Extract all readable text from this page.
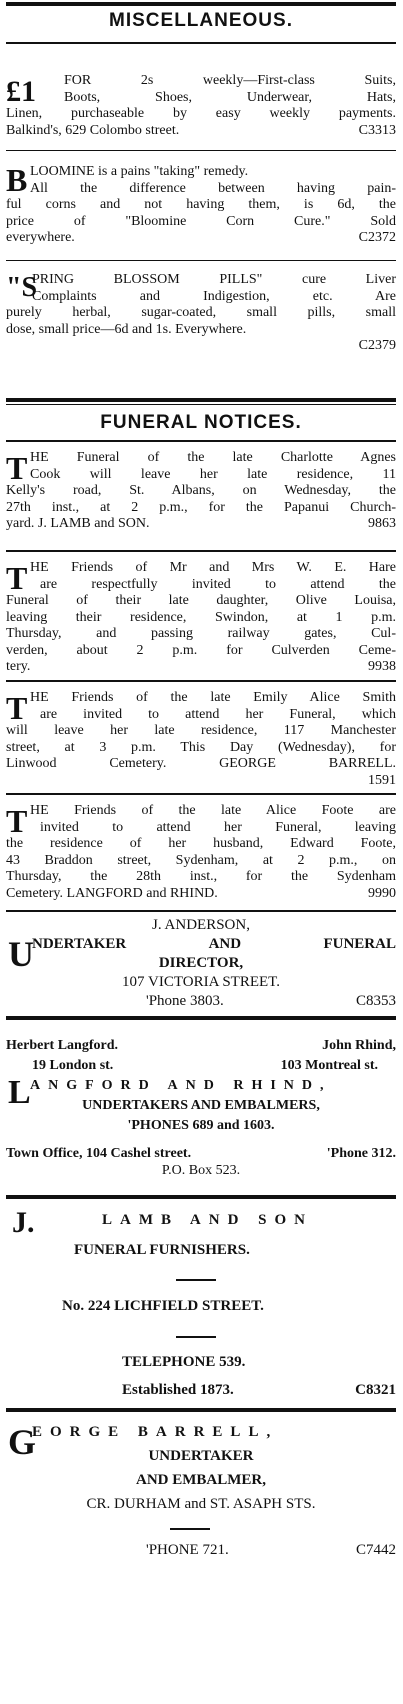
MISCELLANEOUS.
£1	FOR 2s weekly—First-class Suits,
Boots, Shoes, Underwear, Hats,
Linen, purchaseable by easy weekly payments.
Balkind's, 629 Colombo street.	C3313
B LOOMINE is a pains "taking" remedy.
All the difference between having pain-
ful corns and not having them, is 6d, the
price of "Bloomine Corn Cure." Sold
everywhere.	C2372
"S
PRING BLOSSOM PILLS" cure Liver
Complaints and Indigestion, etc. Are
purely herbal, sugar-coated, small pills, small
dose, small price—6d and 1s. Everywhere.
C2379
FUNERAL NOTICES.
T HE Funeral of the late Charlotte Agnes
Cook will leave her late residence, 11
Kelly's road, St. Albans, on Wednesday, the
27th inst., at 2 p.m., for the Papanui Church-
yard. J. LAMB and SON.	9863
T HE Friends of Mr and Mrs W. E. Hare
are respectfully invited to attend the
Funeral of their late daughter, Olive Louisa,
leaving their residence, Swindon, at 1 p.m.
Thursday, and passing railway gates, Cul-
verden, about 2 p.m. for Culverden Ceme-
tery.	9938
T HE Friends of the late Emily Alice Smith
are invited to attend her Funeral, which
will leave her late residence, 117 Manchester
street, at 3 p.m. This Day (Wednesday), for
Linwood Cemetery. GEORGE BARRELL.
1591
T HE Friends of the late Alice Foote are
invited to attend her Funeral, leaving
the residence of her husband, Edward Foote,
43 Braddon street, Sydenham, at 2 p.m., on
Thursday, the 28th inst., for the Sydenham
Cemetery. LANGFORD and RHIND.	9990
J. ANDERSON,
U
NDERTAKER	AND	FUNERAL
DIRECTOR,
107 VICTORIA STREET.
'Phone 3803.	C8353
Herbert Langford.	John Rhind,
19 London st.	103 Montreal st.
L ANGFORD AND RHIND,
UNDERTAKERS AND EMBALMERS,
'PHONES 689 and 1603.
Town Office, 104 Cashel street.	'Phone 312.
P.O. Box 523.
J.	LAMB AND SON
FUNERAL FURNISHERS.
No. 224 LICHFIELD STREET.
TELEPHONE 539.
Established 1873.	C8321
G
EORGE BARRELL,
UNDERTAKER
AND EMBALMER,
CR. DURHAM and ST. ASAPH STS.
'PHONE 721.	C7442
